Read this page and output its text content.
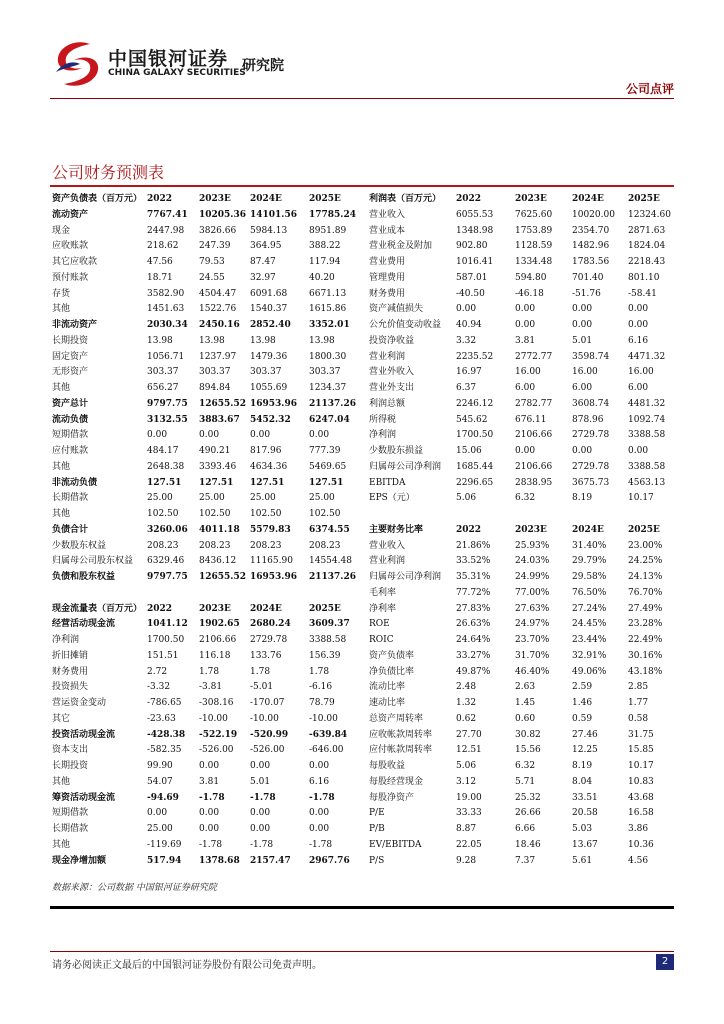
中国银河证券
CHINA GALAXY SECURITIES
研究院
公司点评
公司财务预测表
资产负债表（百万元） 2022	2023E 2024E	2025E
流动资产	7767.41 10205.36 14101.56 17785.24
现金	2447.98 3826.66 5984.13 8951.89
应收账款	218.62 247.39 364.95	388.22
其它应收款	47.56	79.53	87.47	117.94
预付账款	18.71	24.55	32.97	40.20
存货	3582.90 4504.47 6091.68 6671.13
其他	1451.63 1522.76 1540.37 1615.86
非流动资产	2030.34 2450.16 2852.40 3352.01
长期投资	13.98	13.98	13.98	13.98
固定资产	1056.71 1237.97 1479.36 1800.30
无形资产	303.37 303.37 303.37	303.37
其他	656.27 894.84 1055.69 1234.37
资产总计	9797.75 12655.52 16953.96 21137.26
流动负债	3132.55 3883.67 5452.32 6247.04
短期借款	0.00	0.00	0.00	0.00
应付账款	484.17 490.21 817.96	777.39
其他	2648.38 3393.46 4634.36 5469.65
非流动负债	127.51 127.51 127.51	127.51
长期借款	25.00	25.00	25.00	25.00
其他	102.50 102.50 102.50	102.50
负债合计	3260.06 4011.18 5579.83 6374.55
少数股东权益	208.23 208.23 208.23	208.23
归属母公司股东权益 6329.46 8436.12 11165.90 14554.48
负债和股东权益	9797.75 12655.52 16953.96 21137.26
现金流量表（百万元） 2022	2023E 2024E	2025E
经营活动现金流	1041.12 1902.65 2680.24 3609.37
净利润	1700.50 2106.66 2729.78 3388.58
折旧摊销	151.51 116.18 133.76	156.39
财务费用	2.72	1.78	1.78	1.78
投资损失	-3.32	-3.81	-5.01	-6.16
营运资金变动	-786.65 -308.16 -170.07	78.79
其它	-23.63	-10.00 -10.00	-10.00
投资活动现金流	-428.38 -522.19 -520.99 -639.84
资本支出	-582.35 -526.00 -526.00	-646.00
长期投资	99.90	0.00	0.00	0.00
其他	54.07	3.81	5.01	6.16
筹资活动现金流	-94.69 -1.78	-1.78	-1.78
短期借款	0.00	0.00	0.00	0.00
长期借款	25.00	0.00	0.00	0.00
其他	-119.69 -1.78	-1.78	-1.78
现金净增加额	517.94 1378.68 2157.47 2967.76
利润表（百万元） 2022	2023E	2024E	2025E
营业收入	6055.53 7625.60 10020.00 12324.60
营业成本	1348.98 1753.89 2354.70 2871.63
营业税金及附加	902.80	1128.59 1482.96 1824.04
营业费用	1016.41 1334.48 1783.56 2218.43
管理费用	587.01	594.80	701.40	801.10
财务费用	-40.50	-46.18	-51.76	-58.41
资产减值损失	0.00	0.00	0.00	0.00
公允价值变动收益 40.94	0.00	0.00	0.00
投资净收益	3.32	3.81	5.01	6.16
营业利润	2235.52 2772.77 3598.74 4471.32
营业外收入	16.97	16.00	16.00	16.00
营业外支出	6.37	6.00	6.00	6.00
利润总额	2246.12 2782.77 3608.74 4481.32
所得税	545.62	676.11	878.96	1092.74
净利润	1700.50 2106.66 2729.78 3388.58
少数股东损益	15.06	0.00	0.00	0.00
归属母公司净利润 1685.44 2106.66 2729.78 3388.58
EBITDA	2296.65 2838.95 3675.73 4563.13
EPS（元）	5.06	6.32	8.19	10.17
主要财务比率	2022	2023E	2024E	2025E
营业收入	21.86%	25.93%	31.40% 23.00%
营业利润	33.52%	24.03%	29.79% 24.25%
归属母公司净利润 35.31%	24.99%	29.58% 24.13%
毛利率	77.72%	77.00%	76.50% 76.70%
净利率	27.83%	27.63%	27.24% 27.49%
ROE	26.63%	24.97%	24.45% 23.28%
ROIC	24.64%	23.70%	23.44% 22.49%
资产负债率	33.27%	31.70%	32.91% 30.16%
净负债比率	49.87%	46.40%	49.06% 43.18%
流动比率	2.48	2.63	2.59	2.85
速动比率	1.32	1.45	1.46	1.77
总资产周转率	0.62	0.60	0.59	0.58
应收帐款周转率	27.70	30.82	27.46	31.75
应付帐款周转率	12.51	15.56	12.25	15.85
每股收益	5.06	6.32	8.19	10.17
每股经营现金	3.12	5.71	8.04	10.83
每股净资产	19.00	25.32	33.51	43.68
P/E	33.33	26.66	20.58	16.58
P/B	8.87	6.66	5.03	3.86
EV/EBITDA	22.05	18.46	13.67	10.36
P/S	9.28	7.37	5.61	4.56
数据来源：公司数据 中国银河证券研究院
请务必阅读正文最后的中国银河证券股份有限公司免责声明。	2
